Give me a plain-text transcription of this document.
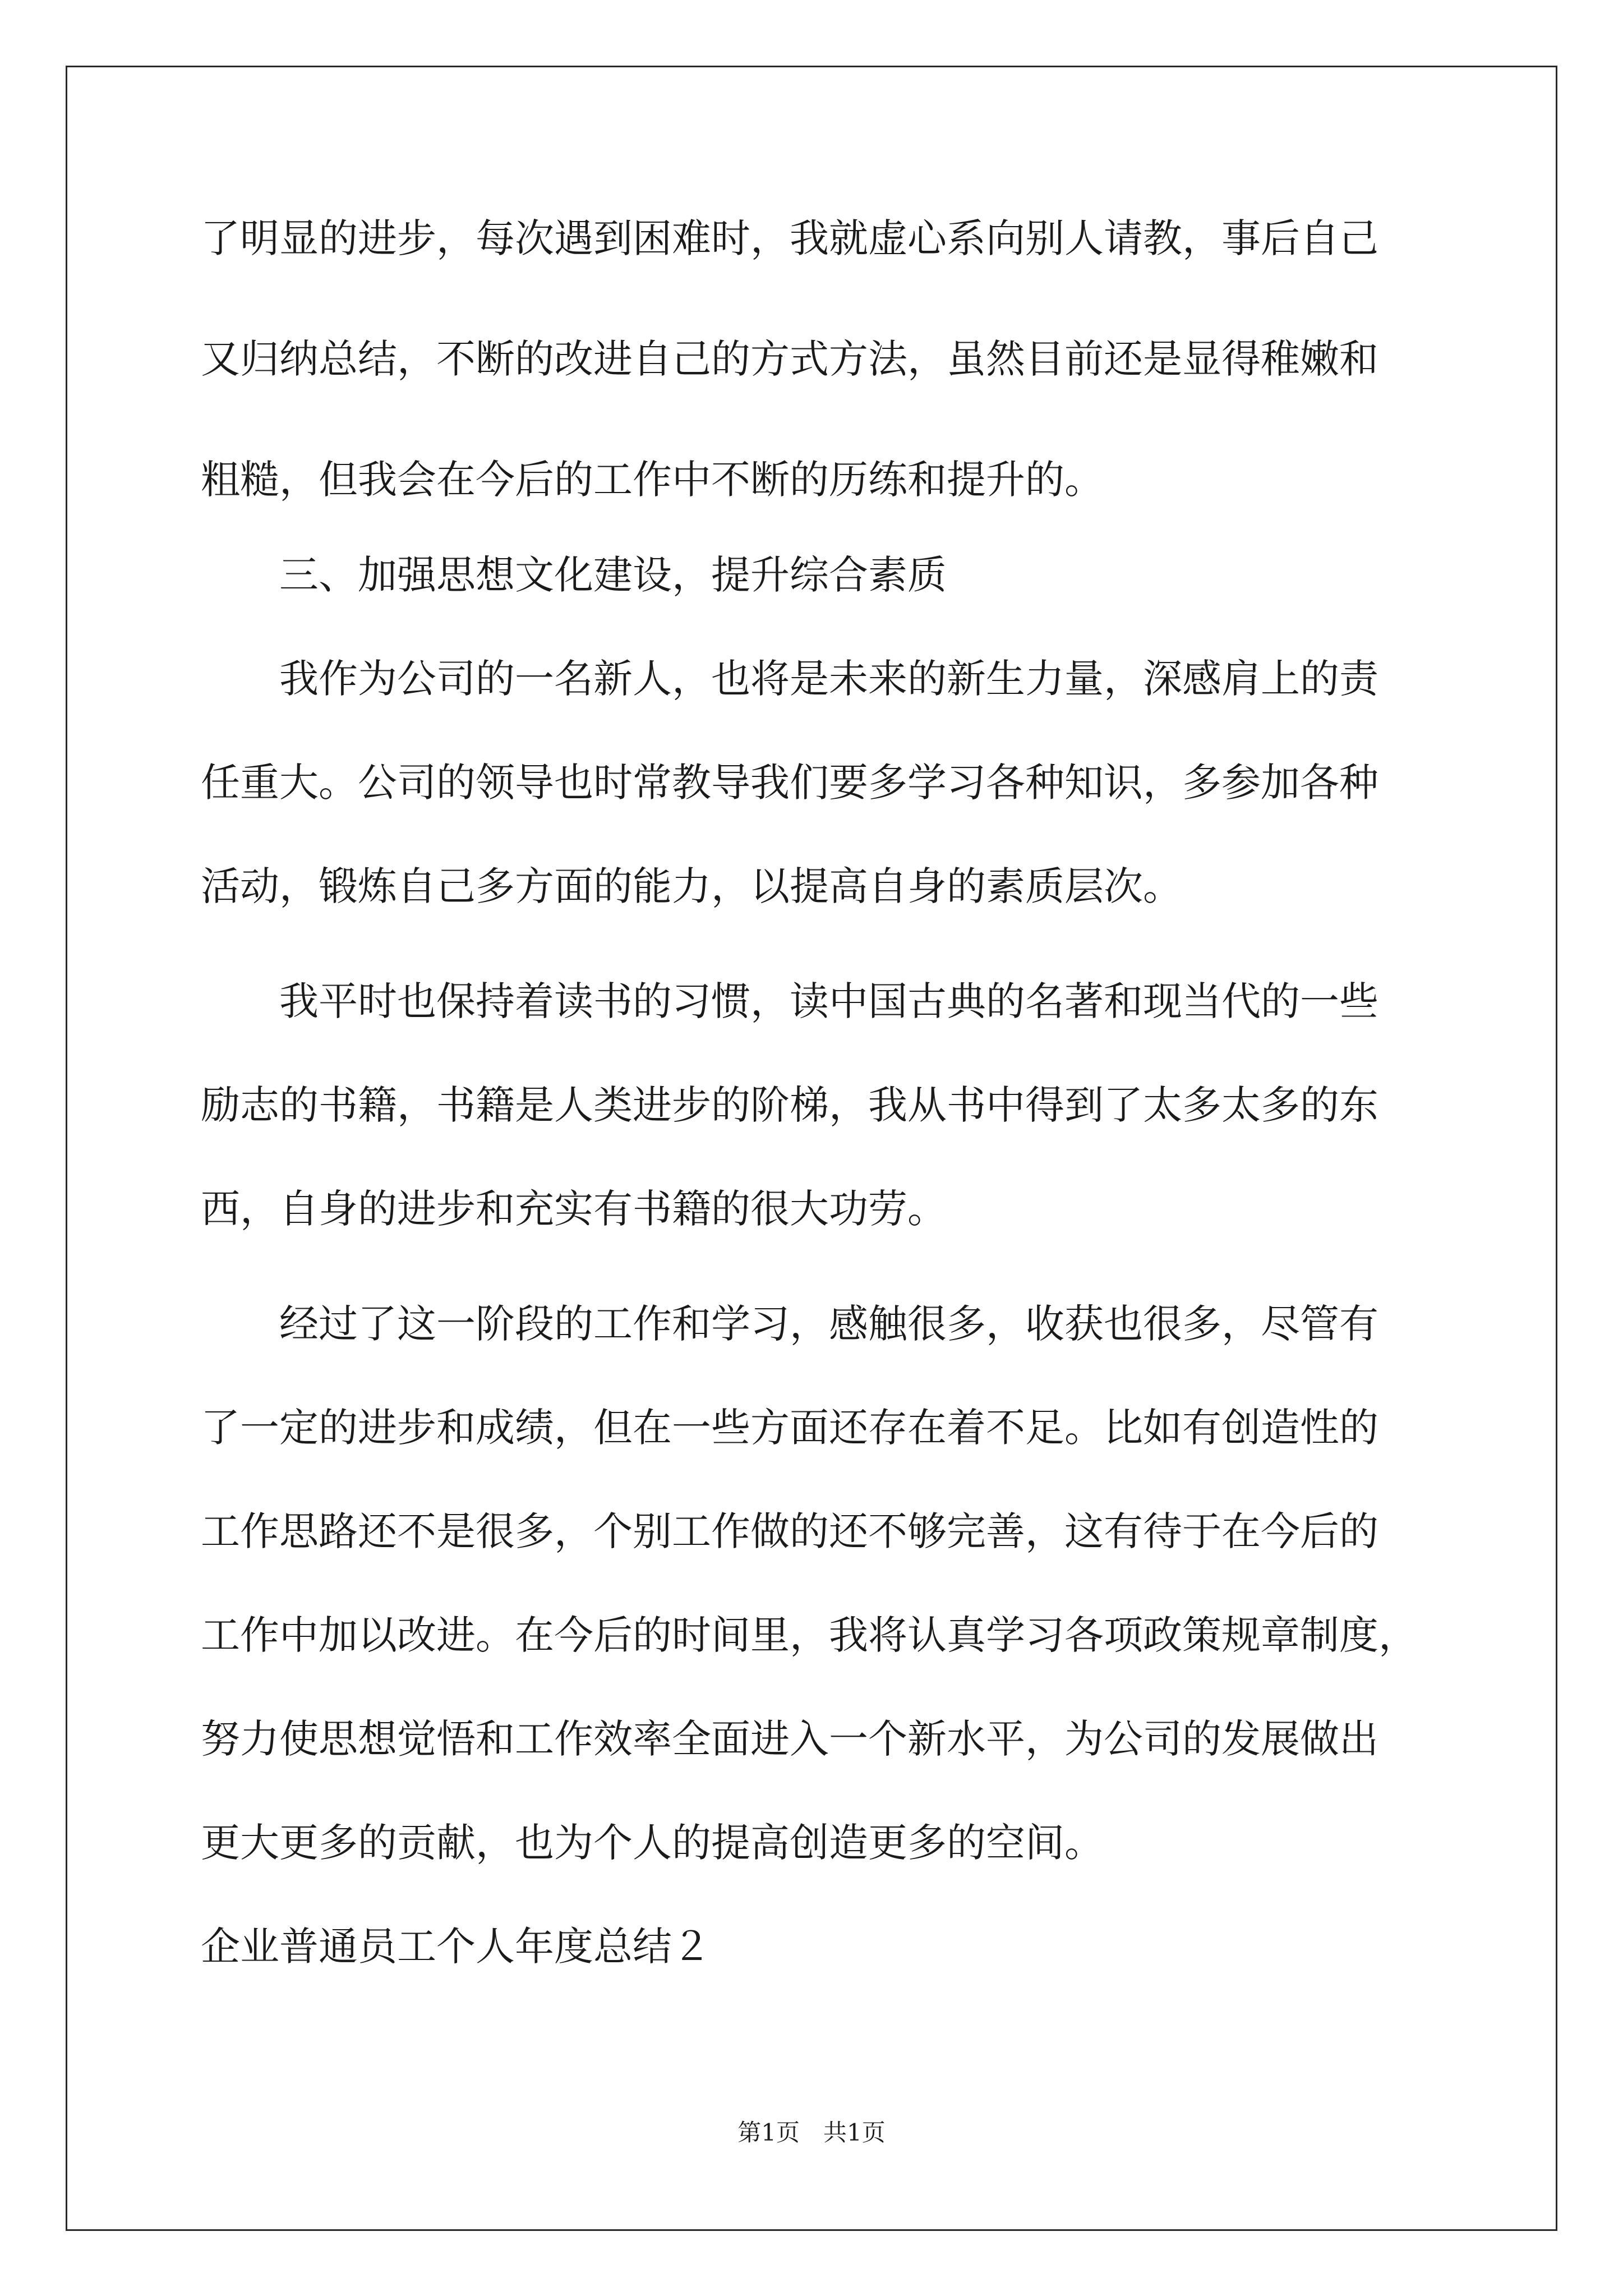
了明显的进步，每次遇到困难时，我就虚心系向别人请教，事后自己
又归纳总结，不断的改进自己的方式方法，虽然目前还是显得稚嫩和
粗糙，但我会在今后的工作中不断的历练和提升的。
　　三、加强思想文化建设，提升综合素质
　　我作为公司的一名新人，也将是未来的新生力量，深感肩上的责
任重大。公司的领导也时常教导我们要多学习各种知识，多参加各种
活动，锻炼自己多方面的能力，以提高自身的素质层次。
　　我平时也保持着读书的习惯，读中国古典的名著和现当代的一些
励志的书籍，书籍是人类进步的阶梯，我从书中得到了太多太多的东
西，自身的进步和充实有书籍的很大功劳。
　　经过了这一阶段的工作和学习，感触很多，收获也很多，尽管有
了一定的进步和成绩，但在一些方面还存在着不足。比如有创造性的
工作思路还不是很多，个别工作做的还不够完善，这有待于在今后的
工作中加以改进。在今后的时间里，我将认真学习各项政策规章制度，
努力使思想觉悟和工作效率全面进入一个新水平，为公司的发展做出
更大更多的贡献，也为个人的提高创造更多的空间。
企业普通员工个人年度总结２
第1页　共1页
